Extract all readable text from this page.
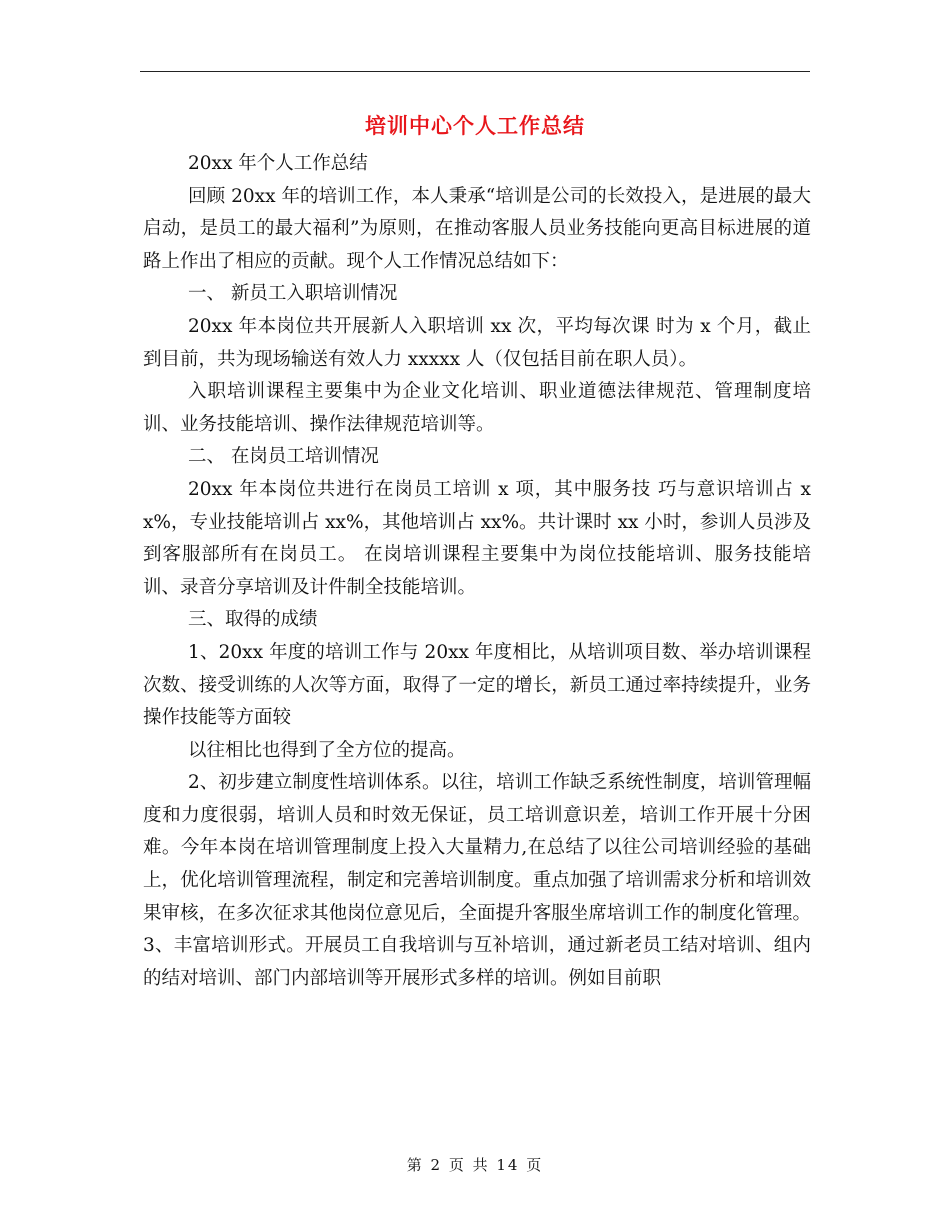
培训中心个人工作总结

20xx 年个人工作总结

回顾 20xx 年的培训工作，本人秉承“培训是公司的长效投入，是进展的最大启动，是员工的最大福利”为原则，在推动客服人员业务技能向更高目标进展的道路上作出了相应的贡献。现个人工作情况总结如下：

一、 新员工入职培训情况

20xx 年本岗位共开展新人入职培训 xx 次，平均每次课 时为 x 个月，截止到目前，共为现场输送有效人力 xxxxx 人（仅包括目前在职人员）。

入职培训课程主要集中为企业文化培训、职业道德法律规范、管理制度培训、业务技能培训、操作法律规范培训等。

二、 在岗员工培训情况

20xx 年本岗位共进行在岗员工培训 x 项，其中服务技 巧与意识培训占 xx%，专业技能培训占 xx%，其他培训占 xx%。共计课时 xx 小时，参训人员涉及到客服部所有在岗员工。 在岗培训课程主要集中为岗位技能培训、服务技能培训、录音分享培训及计件制全技能培训。

三、取得的成绩

1、20xx 年度的培训工作与 20xx 年度相比，从培训项目数、举办培训课程次数、接受训练的人次等方面，取得了一定的增长，新员工通过率持续提升，业务操作技能等方面较

以往相比也得到了全方位的提高。

2、初步建立制度性培训体系。以往，培训工作缺乏系统性制度，培训管理幅度和力度很弱，培训人员和时效无保证，员工培训意识差，培训工作开展十分困难。今年本岗在培训管理制度上投入大量精力,在总结了以往公司培训经验的基础上，优化培训管理流程，制定和完善培训制度。重点加强了培训需求分析和培训效果审核，在多次征求其他岗位意见后，全面提升客服坐席培训工作的制度化管理。 3、丰富培训形式。开展员工自我培训与互补培训，通过新老员工结对培训、组内的结对培训、部门内部培训等开展形式多样的培训。例如目前职

第 2 页 共 14 页
